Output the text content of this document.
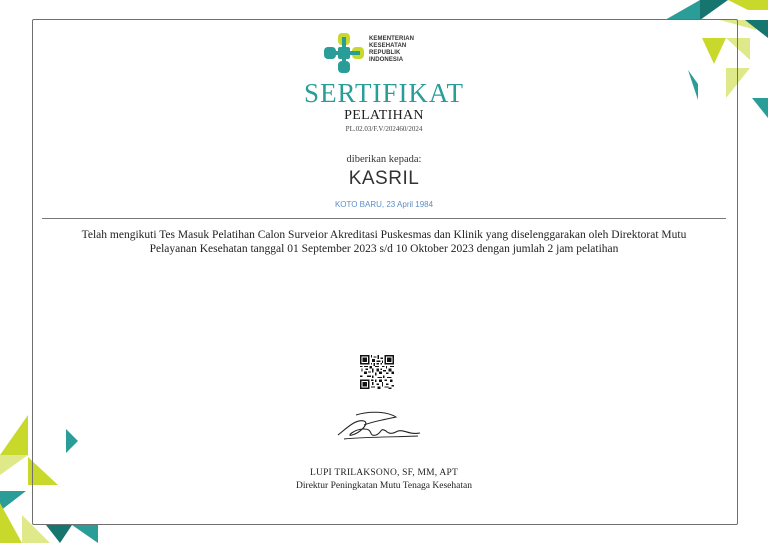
KEMENTERIAN
KESEHATAN
REPUBLIK
INDONESIA
SERTIFIKAT
PELATIHAN
PL.02.03/F.V/202460/2024
diberikan kepada:
KASRIL
KOTO BARU, 23 April 1984
Telah mengikuti Tes Masuk Pelatihan Calon Surveior Akreditasi Puskesmas dan Klinik yang diselenggarakan oleh Direktorat Mutu Pelayanan Kesehatan tanggal 01 September 2023 s/d 10 Oktober 2023 dengan jumlah 2 jam pelatihan
LUPI TRILAKSONO, SF, MM, APT
Direktur Peningkatan Mutu Tenaga Kesehatan
